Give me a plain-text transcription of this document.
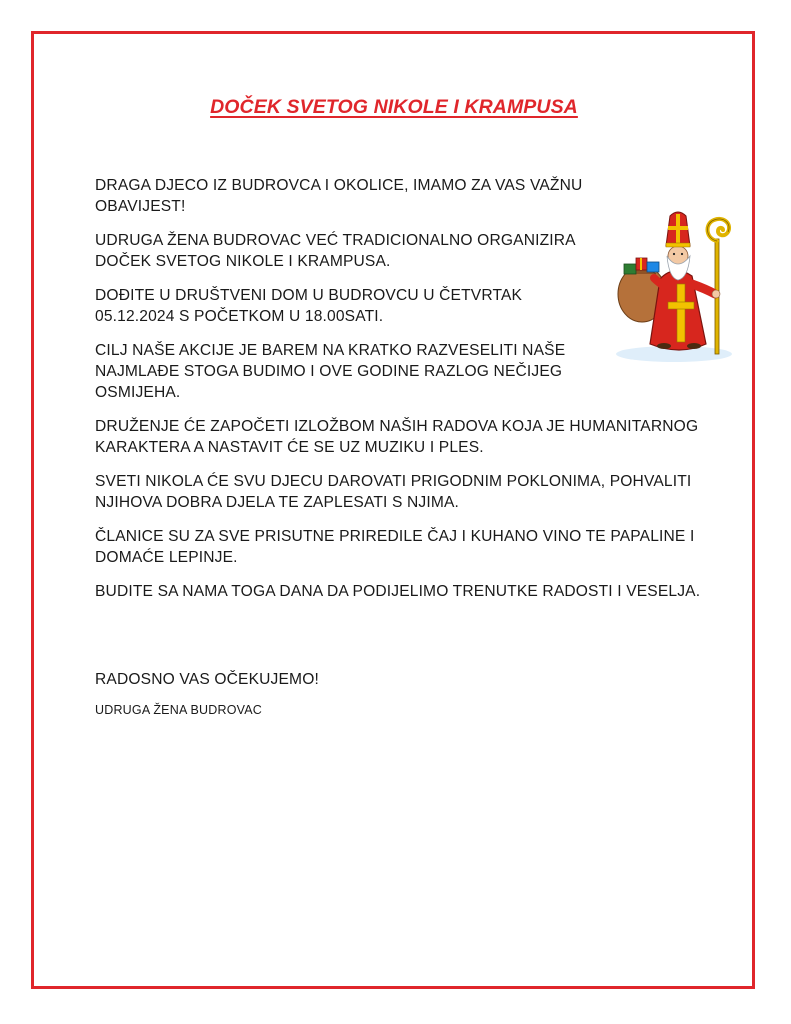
DOČEK SVETOG NIKOLE I KRAMPUSA

DRAGA DJECO IZ BUDROVCA I OKOLICE, IMAMO ZA VAS VAŽNU OBAVIJEST!

UDRUGA ŽENA BUDROVAC VEĆ TRADICIONALNO ORGANIZIRA DOČEK SVETOG NIKOLE I KRAMPUSA.

DOĐITE U DRUŠTVENI DOM U BUDROVCU U ČETVRTAK 05.12.2024 S POČETKOM U 18.00SATI.

CILJ NAŠE AKCIJE JE BAREM NA KRATKO RAZVESELITI NAŠE NAJMLAĐE STOGA BUDIMO I OVE GODINE RAZLOG NEČIJEG OSMIJEHA.

DRUŽENJE ĆE ZAPOČETI IZLOŽBOM NAŠIH RADOVA KOJA JE HUMANITARNOG KARAKTERA A NASTAVIT ĆE SE UZ MUZIKU I PLES.

SVETI NIKOLA ĆE SVU DJECU DAROVATI PRIGODNIM POKLONIMA, POHVALITI NJIHOVA DOBRA DJELA TE ZAPLESATI S NJIMA.

ČLANICE SU ZA SVE PRISUTNE PRIREDILE ČAJ I KUHANO VINO TE PAPALINE I DOMAĆE LEPINJE.

BUDITE SA NAMA TOGA DANA DA PODIJELIMO TRENUTKE RADOSTI I VESELJA.

RADOSNO VAS OČEKUJEMO!

UDRUGA ŽENA BUDROVAC
